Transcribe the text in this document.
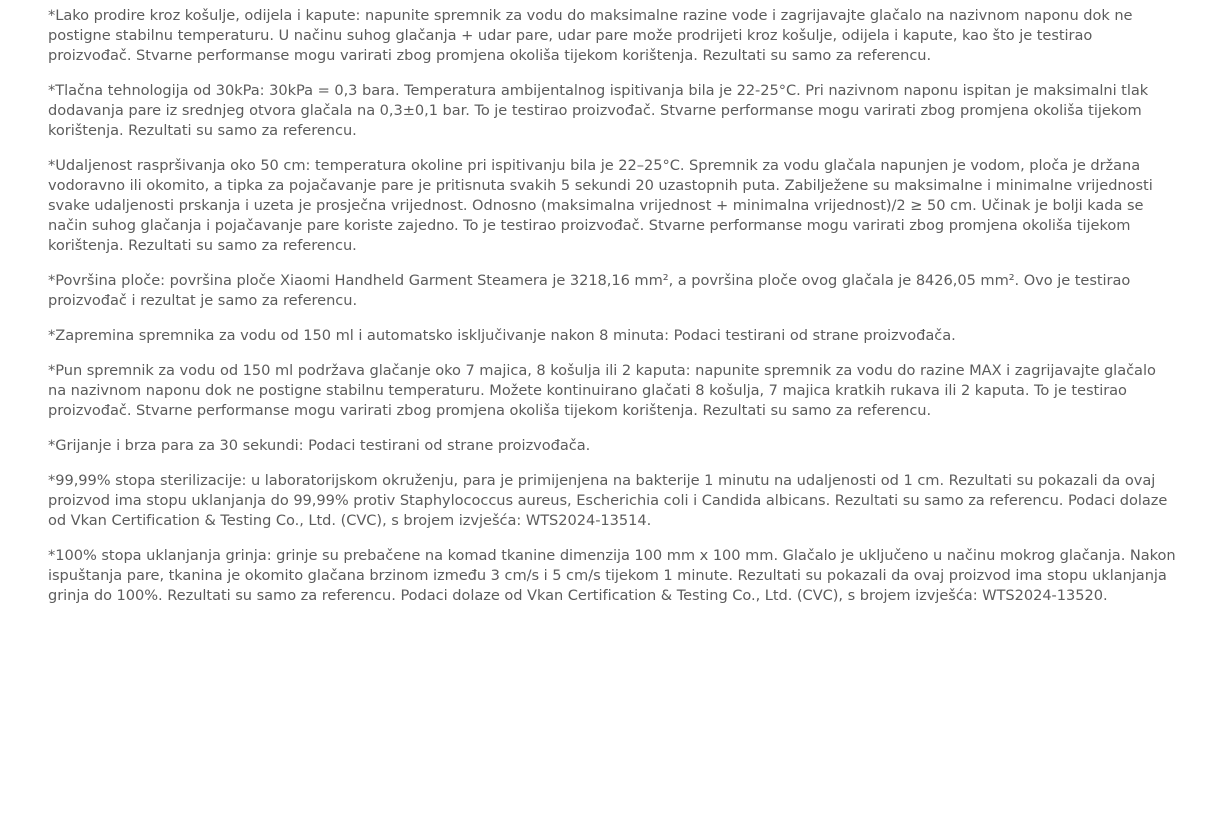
*Lako prodire kroz košulje, odijela i kapute: napunite spremnik za vodu do maksimalne razine vode i zagrijavajte glačalo na nazivnom naponu dok ne postigne stabilnu temperaturu. U načinu suhog glačanja + udar pare, udar pare može prodrijeti kroz košulje, odijela i kapute, kao što je testirao proizvođač. Stvarne performanse mogu varirati zbog promjena okoliša tijekom korištenja. Rezultati su samo za referencu.

*Tlačna tehnologija od 30kPa: 30kPa = 0,3 bara. Temperatura ambijentalnog ispitivanja bila je 22-25°C. Pri nazivnom naponu ispitan je maksimalni tlak dodavanja pare iz srednjeg otvora glačala na 0,3±0,1 bar. To je testirao proizvođač. Stvarne performanse mogu varirati zbog promjena okoliša tijekom korištenja. Rezultati su samo za referencu.

*Udaljenost raspršivanja oko 50 cm: temperatura okoline pri ispitivanju bila je 22–25°C. Spremnik za vodu glačala napunjen je vodom, ploča je držana vodoravno ili okomito, a tipka za pojačavanje pare je pritisnuta svakih 5 sekundi 20 uzastopnih puta. Zabilježene su maksimalne i minimalne vrijednosti svake udaljenosti prskanja i uzeta je prosječna vrijednost. Odnosno (maksimalna vrijednost + minimalna vrijednost)/2 ≥ 50 cm. Učinak je bolji kada se način suhog glačanja i pojačavanje pare koriste zajedno. To je testirao proizvođač. Stvarne performanse mogu varirati zbog promjena okoliša tijekom korištenja. Rezultati su samo za referencu.

*Površina ploče: površina ploče Xiaomi Handheld Garment Steamera je 3218,16 mm², a površina ploče ovog glačala je 8426,05 mm². Ovo je testirao proizvođač i rezultat je samo za referencu.

*Zapremina spremnika za vodu od 150 ml i automatsko isključivanje nakon 8 minuta: Podaci testirani od strane proizvođača.

*Pun spremnik za vodu od 150 ml podržava glačanje oko 7 majica, 8 košulja ili 2 kaputa: napunite spremnik za vodu do razine MAX i zagrijavajte glačalo na nazivnom naponu dok ne postigne stabilnu temperaturu. Možete kontinuirano glačati 8 košulja, 7 majica kratkih rukava ili 2 kaputa. To je testirao proizvođač. Stvarne performanse mogu varirati zbog promjena okoliša tijekom korištenja. Rezultati su samo za referencu.

*Grijanje i brza para za 30 sekundi: Podaci testirani od strane proizvođača.

*99,99% stopa sterilizacije: u laboratorijskom okruženju, para je primijenjena na bakterije 1 minutu na udaljenosti od 1 cm. Rezultati su pokazali da ovaj proizvod ima stopu uklanjanja do 99,99% protiv Staphylococcus aureus, Escherichia coli i Candida albicans. Rezultati su samo za referencu. Podaci dolaze od Vkan Certification & Testing Co., Ltd. (CVC), s brojem izvješća: WTS2024-13514.

*100% stopa uklanjanja grinja: grinje su prebačene na komad tkanine dimenzija 100 mm x 100 mm. Glačalo je uključeno u načinu mokrog glačanja. Nakon ispuštanja pare, tkanina je okomito glačana brzinom između 3 cm/s i 5 cm/s tijekom 1 minute. Rezultati su pokazali da ovaj proizvod ima stopu uklanjanja grinja do 100%. Rezultati su samo za referencu. Podaci dolaze od Vkan Certification & Testing Co., Ltd. (CVC), s brojem izvješća: WTS2024-13520.
